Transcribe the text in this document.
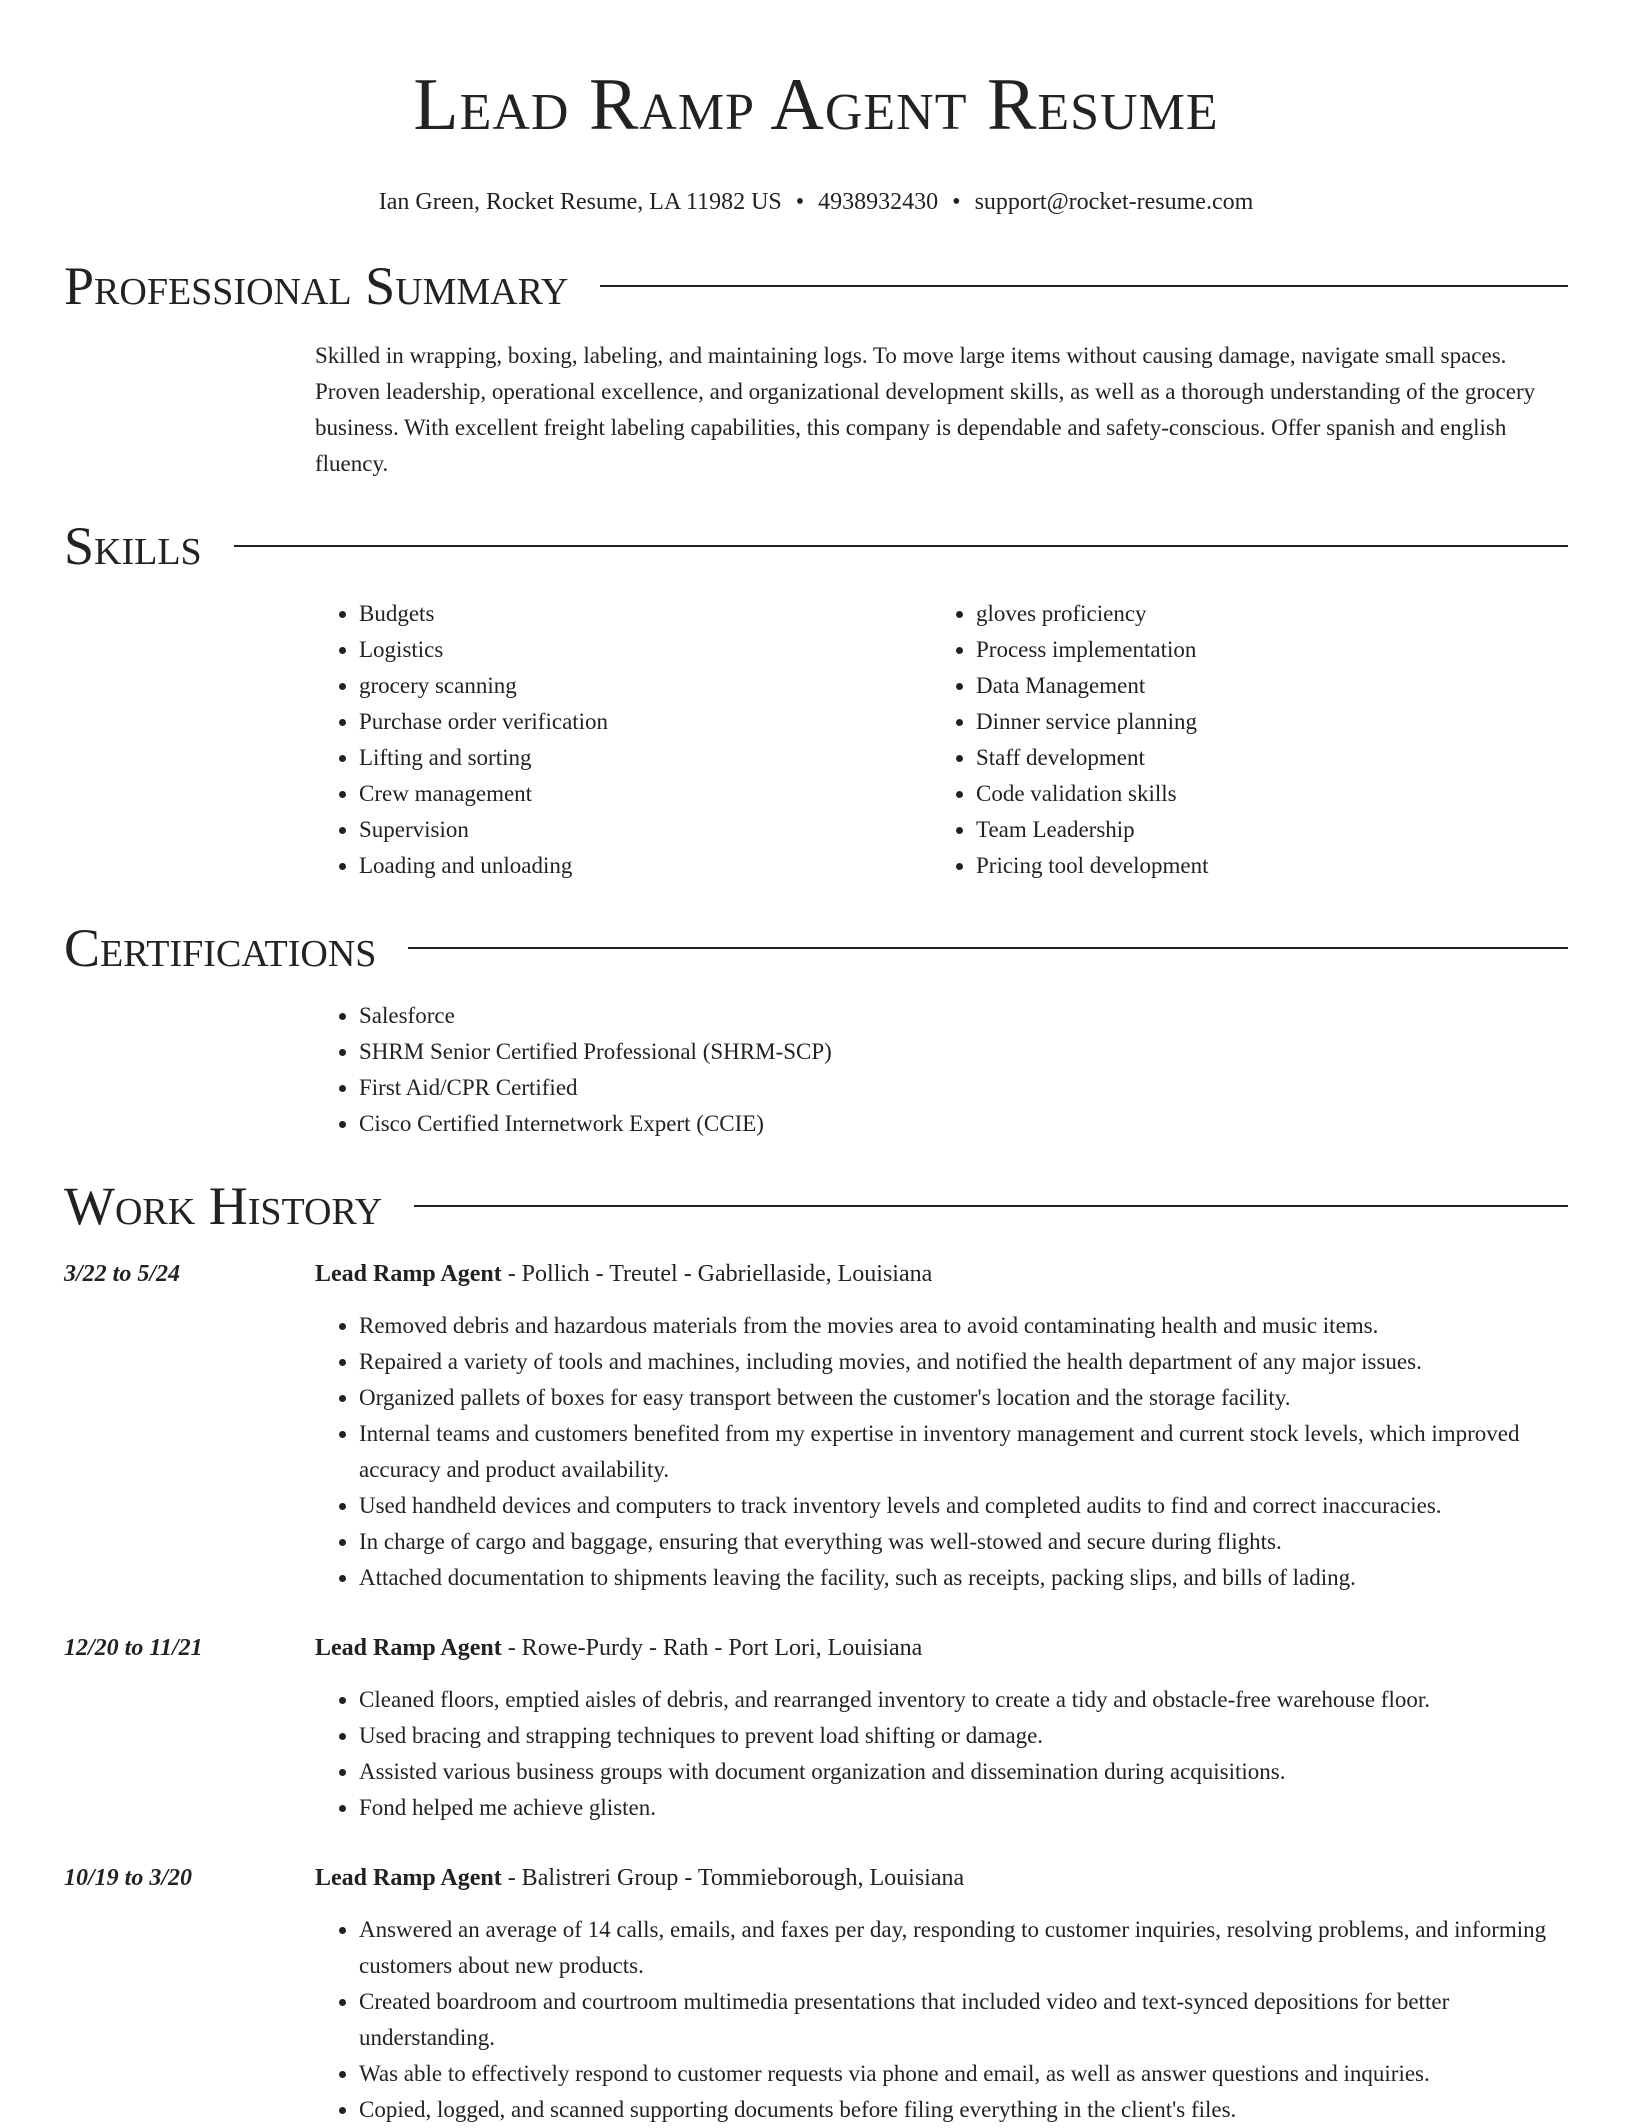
Lead Ramp Agent Resume
Ian Green, Rocket Resume, LA 11982 US • 4938932430 • support@rocket-resume.com
Professional Summary
Skilled in wrapping, boxing, labeling, and maintaining logs. To move large items without causing damage, navigate small spaces. Proven leadership, operational excellence, and organizational development skills, as well as a thorough understanding of the grocery business. With excellent freight labeling capabilities, this company is dependable and safety-conscious. Offer spanish and english fluency.
Skills
• Budgets
• Logistics
• grocery scanning
• Purchase order verification
• Lifting and sorting
• Crew management
• Supervision
• Loading and unloading
• gloves proficiency
• Process implementation
• Data Management
• Dinner service planning
• Staff development
• Code validation skills
• Team Leadership
• Pricing tool development
Certifications
• Salesforce
• SHRM Senior Certified Professional (SHRM-SCP)
• First Aid/CPR Certified
• Cisco Certified Internetwork Expert (CCIE)
Work History
3/22 to 5/24	Lead Ramp Agent - Pollich - Treutel - Gabriellaside, Louisiana
• Removed debris and hazardous materials from the movies area to avoid contaminating health and music items.
• Repaired a variety of tools and machines, including movies, and notified the health department of any major issues.
• Organized pallets of boxes for easy transport between the customer's location and the storage facility.
• Internal teams and customers benefited from my expertise in inventory management and current stock levels, which improved accuracy and product availability.
• Used handheld devices and computers to track inventory levels and completed audits to find and correct inaccuracies.
• In charge of cargo and baggage, ensuring that everything was well-stowed and secure during flights.
• Attached documentation to shipments leaving the facility, such as receipts, packing slips, and bills of lading.
12/20 to 11/21	Lead Ramp Agent - Rowe-Purdy - Rath - Port Lori, Louisiana
• Cleaned floors, emptied aisles of debris, and rearranged inventory to create a tidy and obstacle-free warehouse floor.
• Used bracing and strapping techniques to prevent load shifting or damage.
• Assisted various business groups with document organization and dissemination during acquisitions.
• Fond helped me achieve glisten.
10/19 to 3/20	Lead Ramp Agent - Balistreri Group - Tommieborough, Louisiana
• Answered an average of 14 calls, emails, and faxes per day, responding to customer inquiries, resolving problems, and informing customers about new products.
• Created boardroom and courtroom multimedia presentations that included video and text-synced depositions for better understanding.
• Was able to effectively respond to customer requests via phone and email, as well as answer questions and inquiries.
• Copied, logged, and scanned supporting documents before filing everything in the client's files.
